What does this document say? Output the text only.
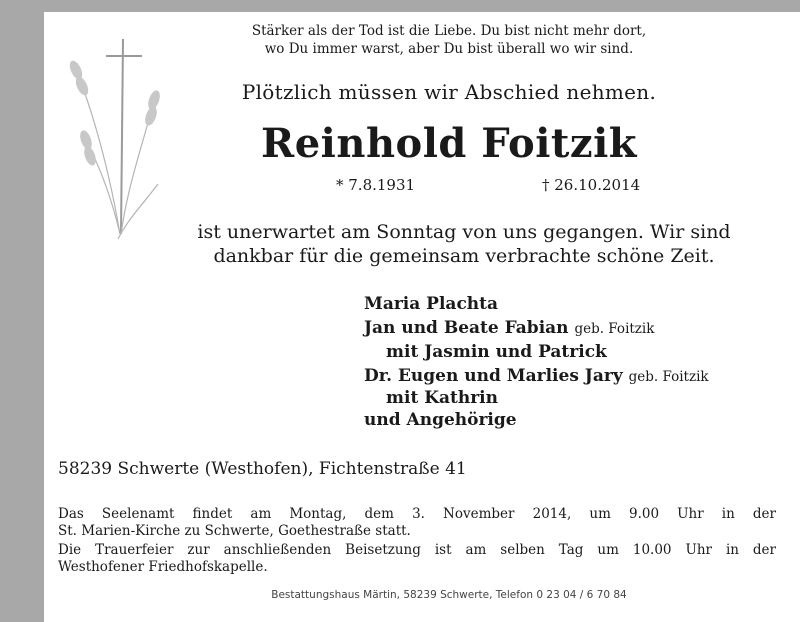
Stärker als der Tod ist die Liebe. Du bist nicht mehr dort,
wo Du immer warst, aber Du bist überall wo wir sind.
Plötzlich müssen wir Abschied nehmen.
Reinhold Foitzik
* 7.8.1931	† 26.10.2014
ist unerwartet am Sonntag von uns gegangen. Wir sind
dankbar für die gemeinsam verbrachte schöne Zeit.
Maria Plachta
Jan und Beate Fabian geb. Foitzik
mit Jasmin und Patrick
Dr. Eugen und Marlies Jary geb. Foitzik
mit Kathrin
und Angehörige
58239 Schwerte (Westhofen), Fichtenstraße 41
Das Seelenamt findet am Montag, dem 3. November 2014, um 9.00 Uhr in der
St. Marien-Kirche zu Schwerte, Goethestraße statt.
Die Trauerfeier zur anschließenden Beisetzung ist am selben Tag um 10.00 Uhr in der
Westhofener Friedhofskapelle.
Bestattungshaus Märtin, 58239 Schwerte, Telefon 0 23 04 / 6 70 84
